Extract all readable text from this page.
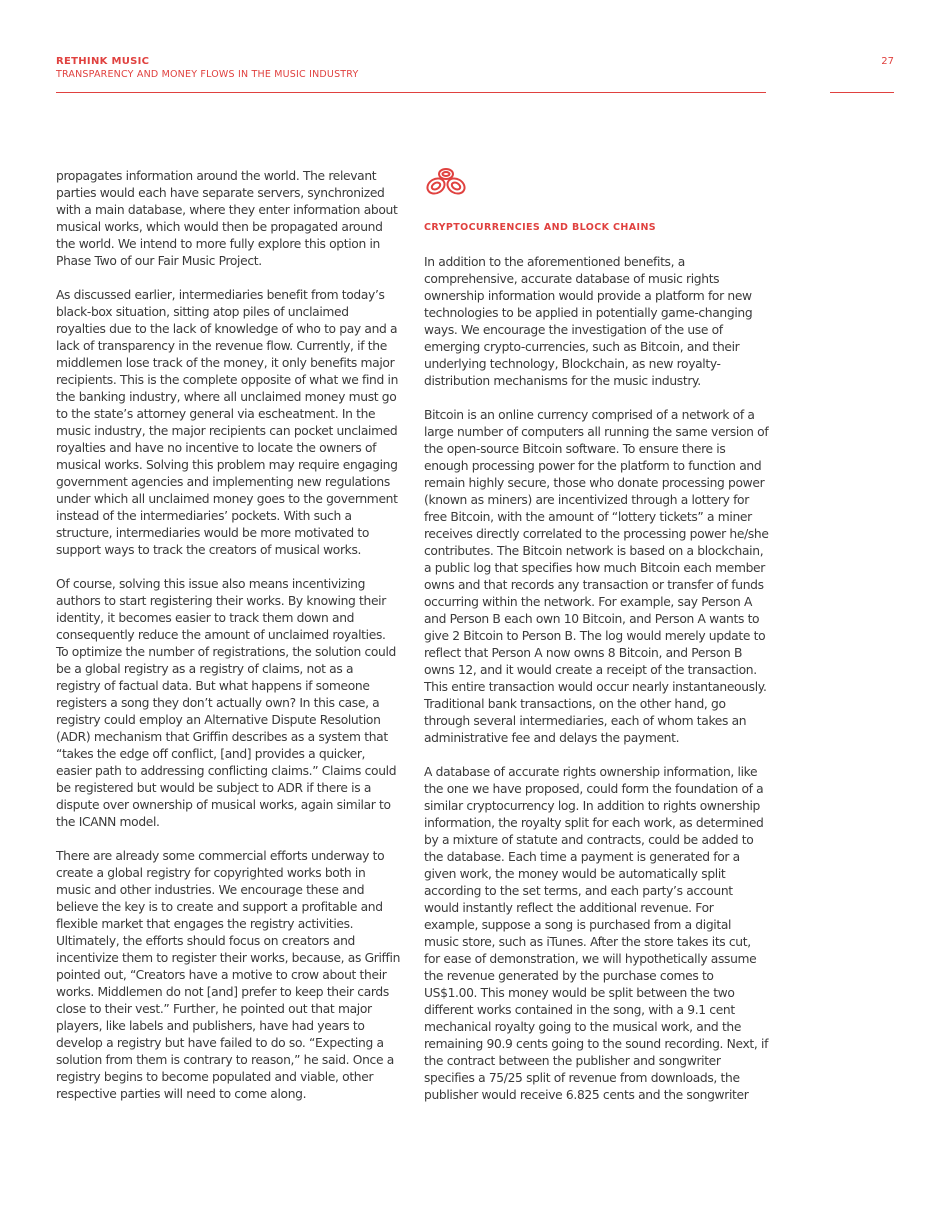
RETHINK MUSIC
TRANSPARENCY AND MONEY FLOWS IN THE MUSIC INDUSTRY
27

propagates information around the world. The relevant parties would each have separate servers, synchronized with a main database, where they enter information about musical works, which would then be propagated around the world. We intend to more fully explore this option in Phase Two of our Fair Music Project.

As discussed earlier, intermediaries benefit from today’s black-box situation, sitting atop piles of unclaimed royalties due to the lack of knowledge of who to pay and a lack of transparency in the revenue flow. Currently, if the middlemen lose track of the money, it only benefits major recipients. This is the complete opposite of what we find in the banking industry, where all unclaimed money must go to the state’s attorney general via escheatment. In the music industry, the major recipients can pocket unclaimed royalties and have no incentive to locate the owners of musical works. Solving this problem may require engaging government agencies and implementing new regulations under which all unclaimed money goes to the government instead of the intermediaries’ pockets. With such a structure, intermediaries would be more motivated to support ways to track the creators of musical works.

Of course, solving this issue also means incentivizing authors to start registering their works. By knowing their identity, it becomes easier to track them down and consequently reduce the amount of unclaimed royalties. To optimize the number of registrations, the solution could be a global registry as a registry of claims, not as a registry of factual data. But what happens if someone registers a song they don’t actually own? In this case, a registry could employ an Alternative Dispute Resolution (ADR) mechanism that Griffin describes as a system that “takes the edge off conflict, [and] provides a quicker, easier path to addressing conflicting claims.” Claims could be registered but would be subject to ADR if there is a dispute over ownership of musical works, again similar to the ICANN model.

There are already some commercial efforts underway to create a global registry for copyrighted works both in music and other industries. We encourage these and believe the key is to create and support a profitable and flexible market that engages the registry activities. Ultimately, the efforts should focus on creators and incentivize them to register their works, because, as Griffin pointed out, “Creators have a motive to crow about their works. Middlemen do not [and] prefer to keep their cards close to their vest.” Further, he pointed out that major players, like labels and publishers, have had years to develop a registry but have failed to do so. “Expecting a solution from them is contrary to reason,” he said. Once a registry begins to become populated and viable, other respective parties will need to come along.

CRYPTOCURRENCIES AND BLOCK CHAINS

In addition to the aforementioned benefits, a comprehensive, accurate database of music rights ownership information would provide a platform for new technologies to be applied in potentially game-changing ways. We encourage the investigation of the use of emerging crypto-currencies, such as Bitcoin, and their underlying technology, Blockchain, as new royalty-distribution mechanisms for the music industry.

Bitcoin is an online currency comprised of a network of a large number of computers all running the same version of the open-source Bitcoin software. To ensure there is enough processing power for the platform to function and remain highly secure, those who donate processing power (known as miners) are incentivized through a lottery for free Bitcoin, with the amount of “lottery tickets” a miner receives directly correlated to the processing power he/she contributes. The Bitcoin network is based on a blockchain, a public log that specifies how much Bitcoin each member owns and that records any transaction or transfer of funds occurring within the network. For example, say Person A and Person B each own 10 Bitcoin, and Person A wants to give 2 Bitcoin to Person B. The log would merely update to reflect that Person A now owns 8 Bitcoin, and Person B owns 12, and it would create a receipt of the transaction. This entire transaction would occur nearly instantaneously. Traditional bank transactions, on the other hand, go through several intermediaries, each of whom takes an administrative fee and delays the payment.

A database of accurate rights ownership information, like the one we have proposed, could form the foundation of a similar cryptocurrency log. In addition to rights ownership information, the royalty split for each work, as determined by a mixture of statute and contracts, could be added to the database. Each time a payment is generated for a given work, the money would be automatically split according to the set terms, and each party’s account would instantly reflect the additional revenue. For example, suppose a song is purchased from a digital music store, such as iTunes. After the store takes its cut, for ease of demonstration, we will hypothetically assume the revenue generated by the purchase comes to US$1.00. This money would be split between the two different works contained in the song, with a 9.1 cent mechanical royalty going to the musical work, and the remaining 90.9 cents going to the sound recording. Next, if the contract between the publisher and songwriter specifies a 75/25 split of revenue from downloads, the publisher would receive 6.825 cents and the songwriter
